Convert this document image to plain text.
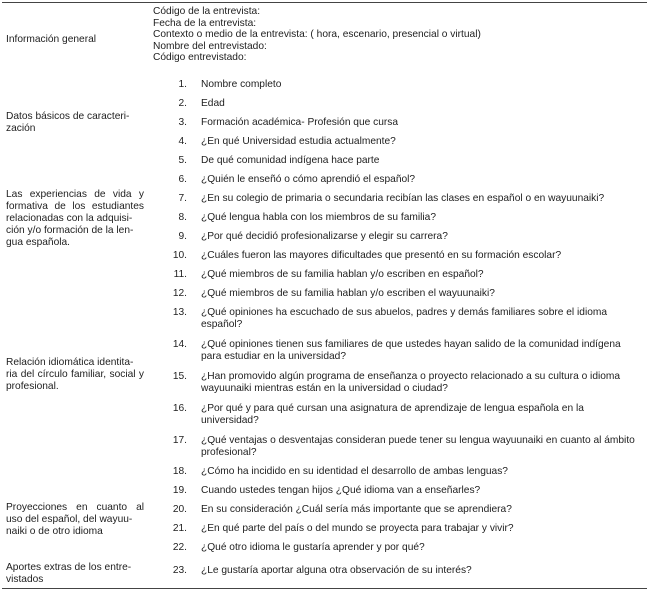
Información general
Código de la entrevista:
Fecha de la entrevista:
Contexto o medio de la entrevista: ( hora, escenario, presencial o virtual)
Nombre del entrevistado:
Código entrevistado:
Datos básicos de caracteri-
zación
Las experiencias de vida y formativa de los estudiantes relacionadas con la adquisi-
ción y/o formación de la len-
gua española.
Relación idiomática identita-
ria del círculo familiar, social y profesional.
Proyecciones en cuanto al uso del español, del wayuu-
naiki o de otro idioma
Aportes extras de los entre-
vistados
1. Nombre completo
2. Edad
3. Formación académica- Profesión que cursa
4. ¿En qué Universidad estudia actualmente?
5. De qué comunidad indígena hace parte
6. ¿Quién le enseñó o cómo aprendió el español?
7. ¿En su colegio de primaria o secundaria recibían las clases en español o en wayuunaiki?
8. ¿Qué lengua habla con los miembros de su familia?
9. ¿Por qué decidió profesionalizarse y elegir su carrera?
10. ¿Cuáles fueron las mayores dificultades que presentó en su formación escolar?
11. ¿Qué miembros de su familia hablan y/o escriben en español?
12. ¿Qué miembros de su familia hablan y/o escriben el wayuunaiki?
13. ¿Qué opiniones ha escuchado de sus abuelos, padres y demás familiares sobre el idioma español?
14. ¿Qué opiniones tienen sus familiares de que ustedes hayan salido de la comunidad indígena para estudiar en la universidad?
15. ¿Han promovido algún programa de enseñanza o proyecto relacionado a su cultura o idioma wayuunaiki mientras están en la universidad o ciudad?
16. ¿Por qué y para qué cursan una asignatura de aprendizaje de lengua española en la universidad?
17. ¿Qué ventajas o desventajas consideran puede tener su lengua wayuunaiki en cuanto al ámbito profesional?
18. ¿Cómo ha incidido en su identidad el desarrollo de ambas lenguas?
19. Cuando ustedes tengan hijos ¿Qué idioma van a enseñarles?
20. En su consideración ¿Cuál sería más importante que se aprendiera?
21. ¿En qué parte del país o del mundo se proyecta para trabajar y vivir?
22. ¿Qué otro idioma le gustaría aprender y por qué?
23. ¿Le gustaría aportar alguna otra observación de su interés?
